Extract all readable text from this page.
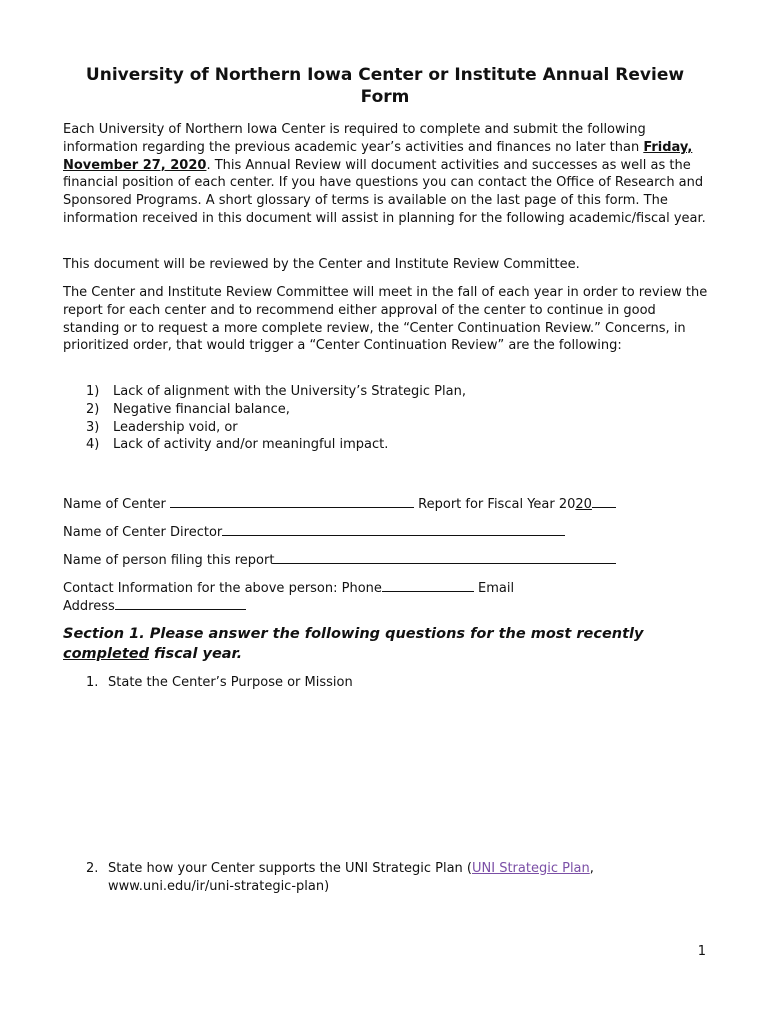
University of Northern Iowa Center or Institute Annual Review Form

Each University of Northern Iowa Center is required to complete and submit the following information regarding the previous academic year’s activities and finances no later than Friday, November 27, 2020. This Annual Review will document activities and successes as well as the financial position of each center. If you have questions you can contact the Office of Research and Sponsored Programs. A short glossary of terms is available on the last page of this form. The information received in this document will assist in planning for the following academic/fiscal year.

This document will be reviewed by the Center and Institute Review Committee.

The Center and Institute Review Committee will meet in the fall of each year in order to review the report for each center and to recommend either approval of the center to continue in good standing or to request a more complete review, the “Center Continuation Review.” Concerns, in prioritized order, that would trigger a “Center Continuation Review” are the following:

1)	Lack of alignment with the University’s Strategic Plan,
2)	Negative financial balance,
3)	Leadership void, or
4)	Lack of activity and/or meaningful impact.
Name of Center	Report for Fiscal Year 2020
Name of Center Director
Name of person filing this report
Contact Information for the above person: Phone	Email
Address

Section 1. Please answer the following questions for the most recently completed fiscal year.

1. State the Center’s Purpose or Mission
2. State how your Center supports the UNI Strategic Plan (UNI Strategic Plan,
www.uni.edu/ir/uni-strategic-plan)
1
